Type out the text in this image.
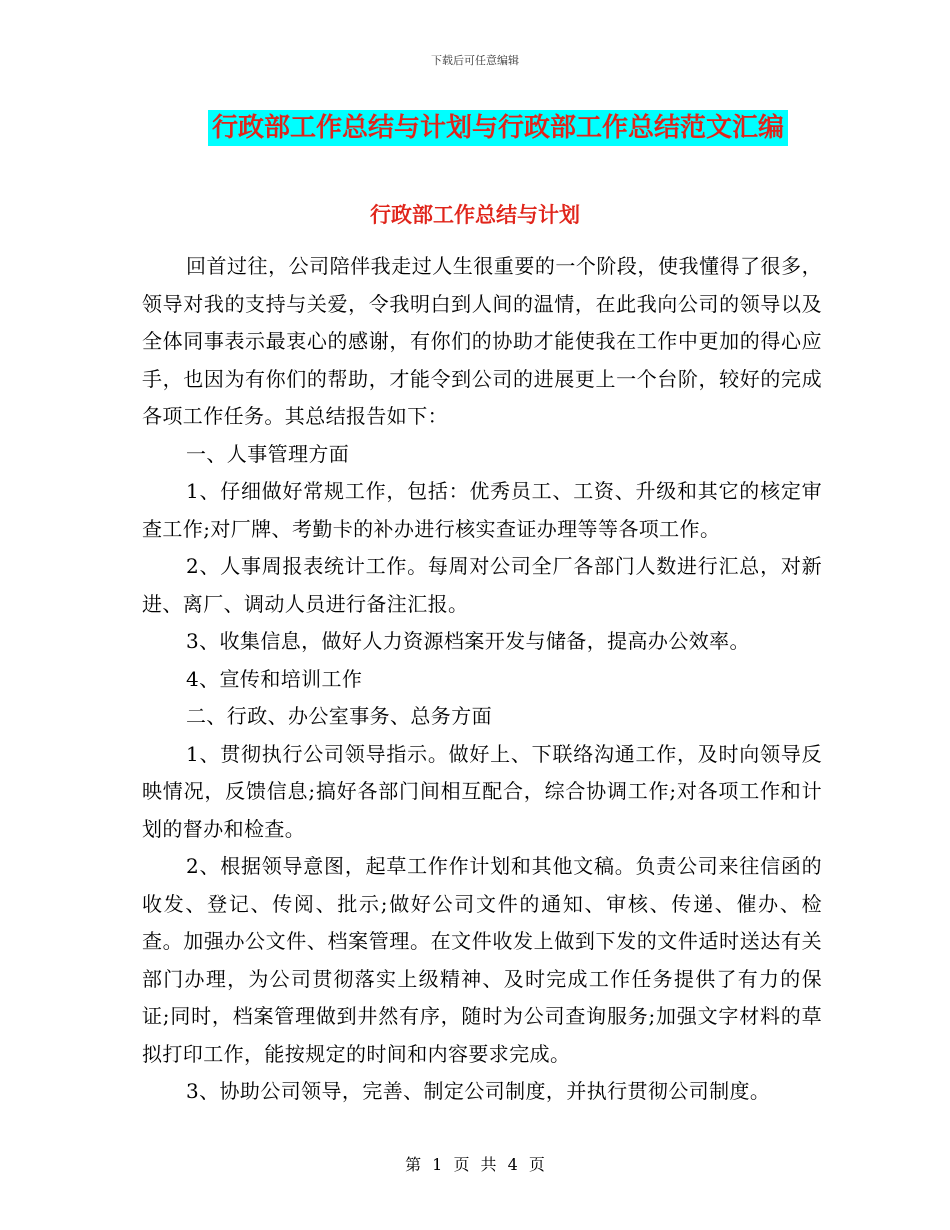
下载后可任意编辑
行政部工作总结与计划与行政部工作总结范文汇编
行政部工作总结与计划

回首过往，公司陪伴我走过人生很重要的一个阶段，使我懂得了很多，领导对我的支持与关爱，令我明白到人间的温情，在此我向公司的领导以及全体同事表示最衷心的感谢，有你们的协助才能使我在工作中更加的得心应手，也因为有你们的帮助，才能令到公司的进展更上一个台阶，较好的完成各项工作任务。其总结报告如下：

一、人事管理方面

1、仔细做好常规工作，包括：优秀员工、工资、升级和其它的核定审查工作;对厂牌、考勤卡的补办进行核实查证办理等等各项工作。

2、人事周报表统计工作。每周对公司全厂各部门人数进行汇总，对新进、离厂、调动人员进行备注汇报。

3、收集信息，做好人力资源档案开发与储备，提高办公效率。

4、宣传和培训工作

二、行政、办公室事务、总务方面

1、贯彻执行公司领导指示。做好上、下联络沟通工作，及时向领导反映情况，反馈信息;搞好各部门间相互配合，综合协调工作;对各项工作和计划的督办和检查。

2、根据领导意图，起草工作作计划和其他文稿。负责公司来往信函的收发、登记、传阅、批示;做好公司文件的通知、审核、传递、催办、检查。加强办公文件、档案管理。在文件收发上做到下发的文件适时送达有关部门办理，为公司贯彻落实上级精神、及时完成工作任务提供了有力的保证;同时，档案管理做到井然有序，随时为公司查询服务;加强文字材料的草拟打印工作，能按规定的时间和内容要求完成。

3、协助公司领导，完善、制定公司制度，并执行贯彻公司制度。

第 1 页 共 4 页
